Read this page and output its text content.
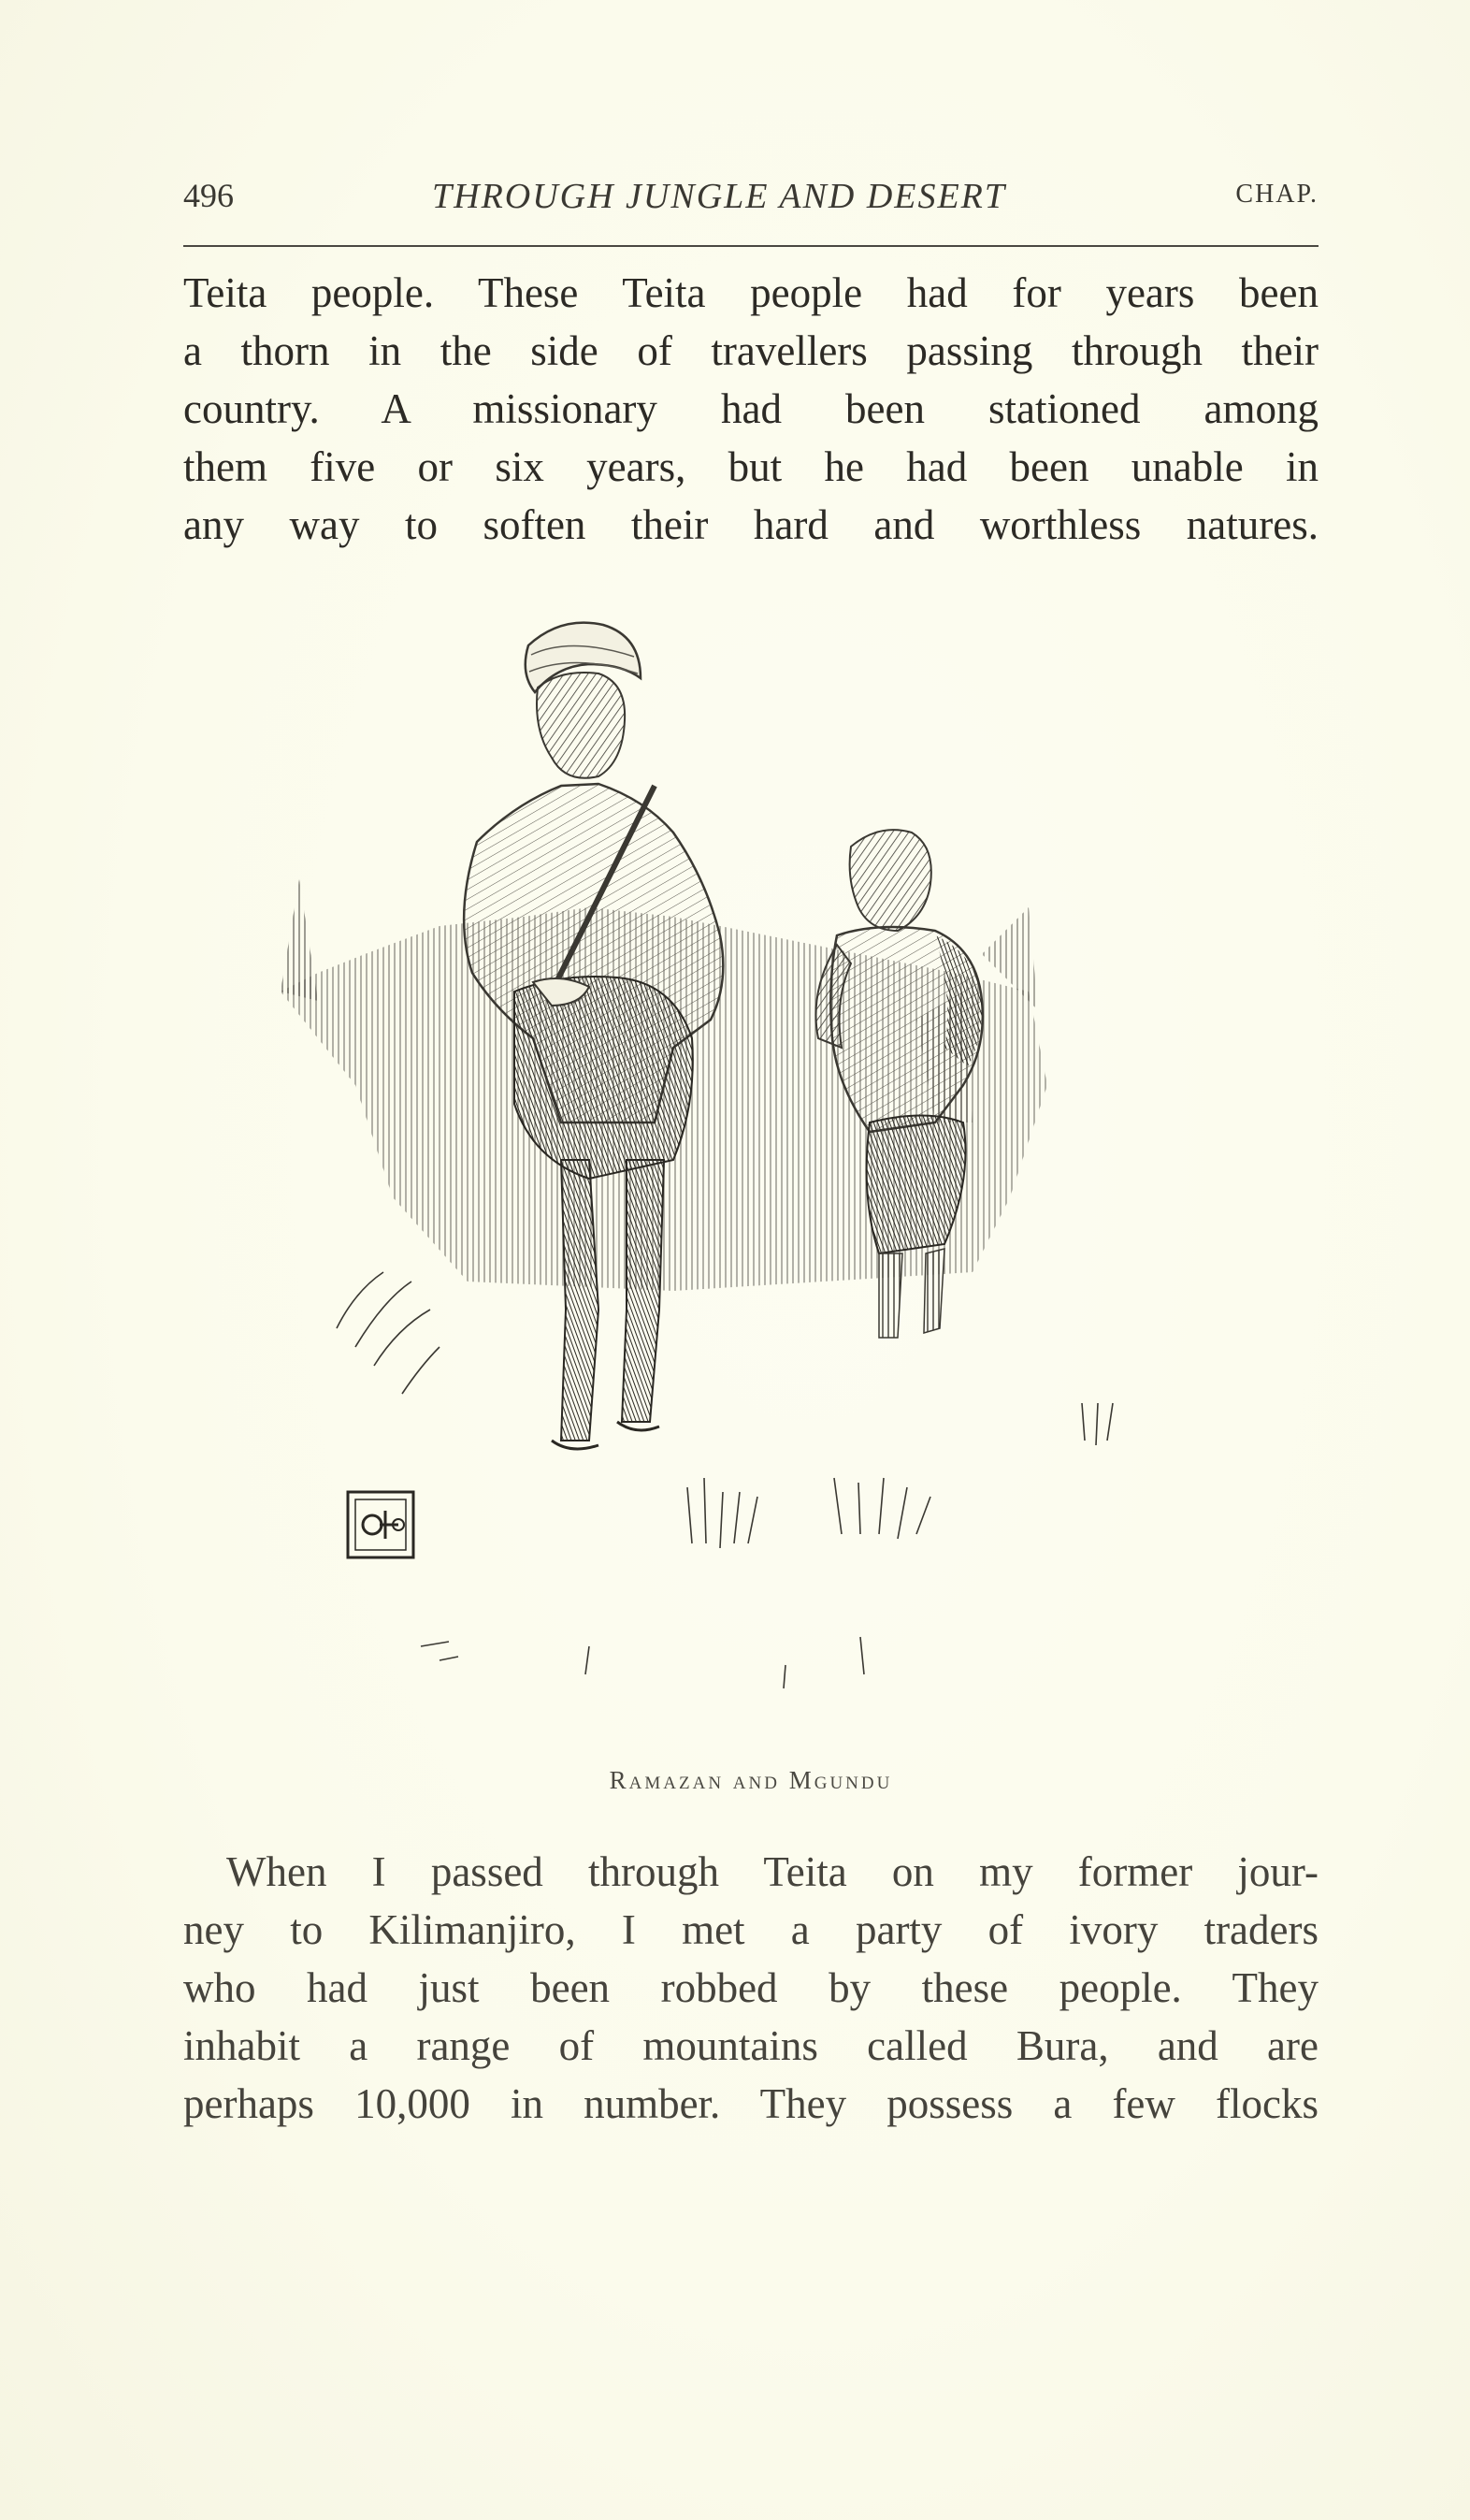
496	THROUGH JUNGLE AND DESERT	CHAP.

Teita people. These Teita people had for years been
a thorn in the side of travellers passing through their
country. A missionary had been stationed among
them five or six years, but he had been unable in
any way to soften their hard and worthless natures.

Ramazan and Mgundu

When I passed through Teita on my former jour-
ney to Kilimanjiro, I met a party of ivory traders
who had just been robbed by these people. They
inhabit a range of mountains called Bura, and are
perhaps 10,000 in number. They possess a few flocks
